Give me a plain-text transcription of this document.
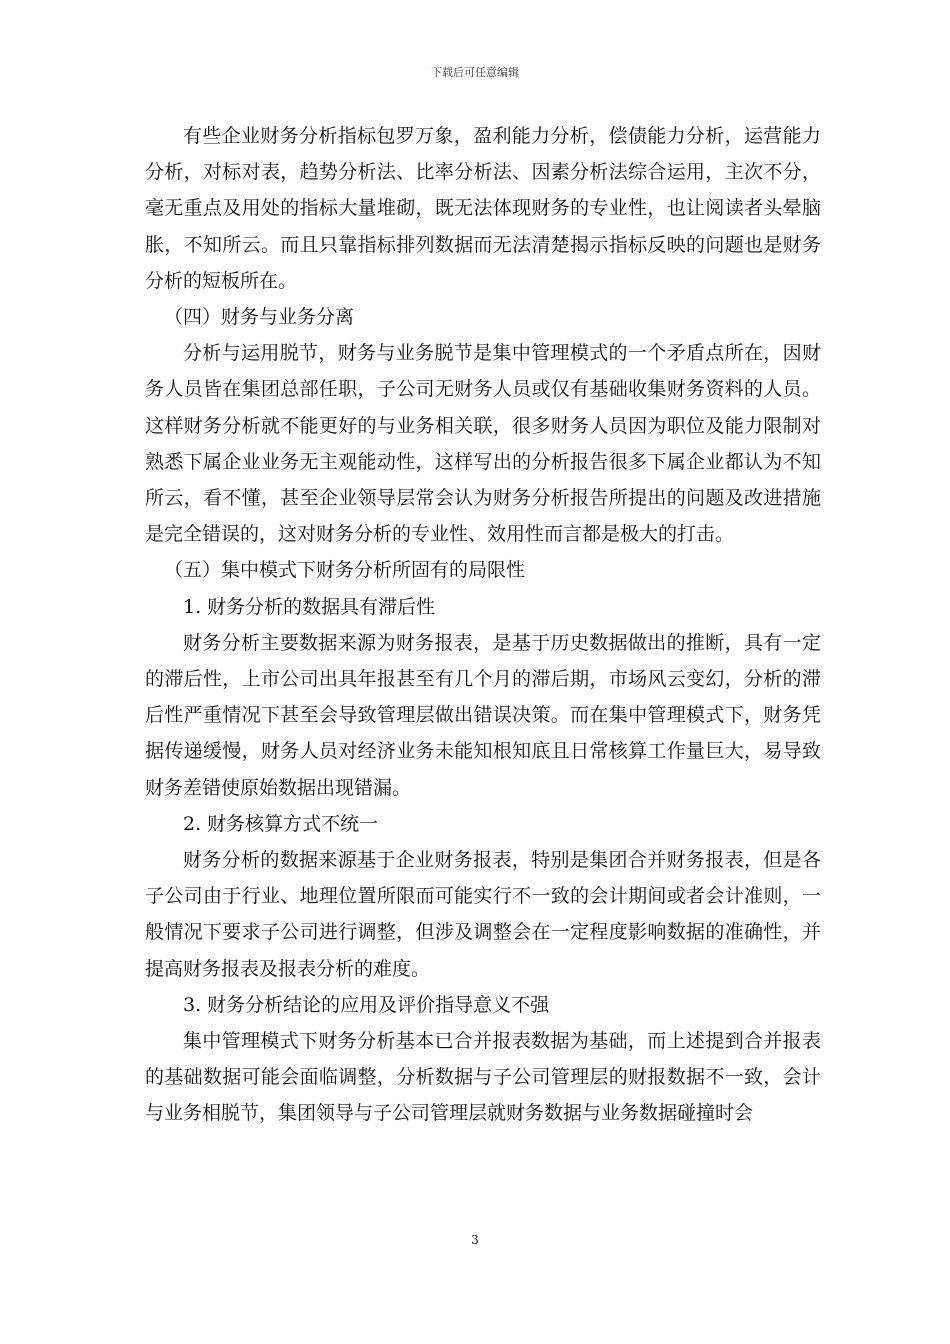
下载后可任意编辑

有些企业财务分析指标包罗万象，盈利能力分析，偿债能力分析，运营能力分析，对标对表，趋势分析法、比率分析法、因素分析法综合运用，主次不分，毫无重点及用处的指标大量堆砌，既无法体现财务的专业性，也让阅读者头晕脑胀，不知所云。而且只靠指标排列数据而无法清楚揭示指标反映的问题也是财务分析的短板所在。

（四）财务与业务分离

分析与运用脱节，财务与业务脱节是集中管理模式的一个矛盾点所在，因财务人员皆在集团总部任职，子公司无财务人员或仅有基础收集财务资料的人员。这样财务分析就不能更好的与业务相关联，很多财务人员因为职位及能力限制对熟悉下属企业业务无主观能动性，这样写出的分析报告很多下属企业都认为不知所云，看不懂，甚至企业领导层常会认为财务分析报告所提出的问题及改进措施是完全错误的，这对财务分析的专业性、效用性而言都是极大的打击。

（五）集中模式下财务分析所固有的局限性

1. 财务分析的数据具有滞后性

财务分析主要数据来源为财务报表，是基于历史数据做出的推断，具有一定的滞后性，上市公司出具年报甚至有几个月的滞后期，市场风云变幻，分析的滞后性严重情况下甚至会导致管理层做出错误决策。而在集中管理模式下，财务凭据传递缓慢，财务人员对经济业务未能知根知底且日常核算工作量巨大，易导致财务差错使原始数据出现错漏。

2. 财务核算方式不统一

财务分析的数据来源基于企业财务报表，特别是集团合并财务报表，但是各子公司由于行业、地理位置所限而可能实行不一致的会计期间或者会计准则，一般情况下要求子公司进行调整，但涉及调整会在一定程度影响数据的准确性，并提高财务报表及报表分析的难度。

3. 财务分析结论的应用及评价指导意义不强

集中管理模式下财务分析基本已合并报表数据为基础，而上述提到合并报表的基础数据可能会面临调整，分析数据与子公司管理层的财报数据不一致，会计与业务相脱节，集团领导与子公司管理层就财务数据与业务数据碰撞时会

3
